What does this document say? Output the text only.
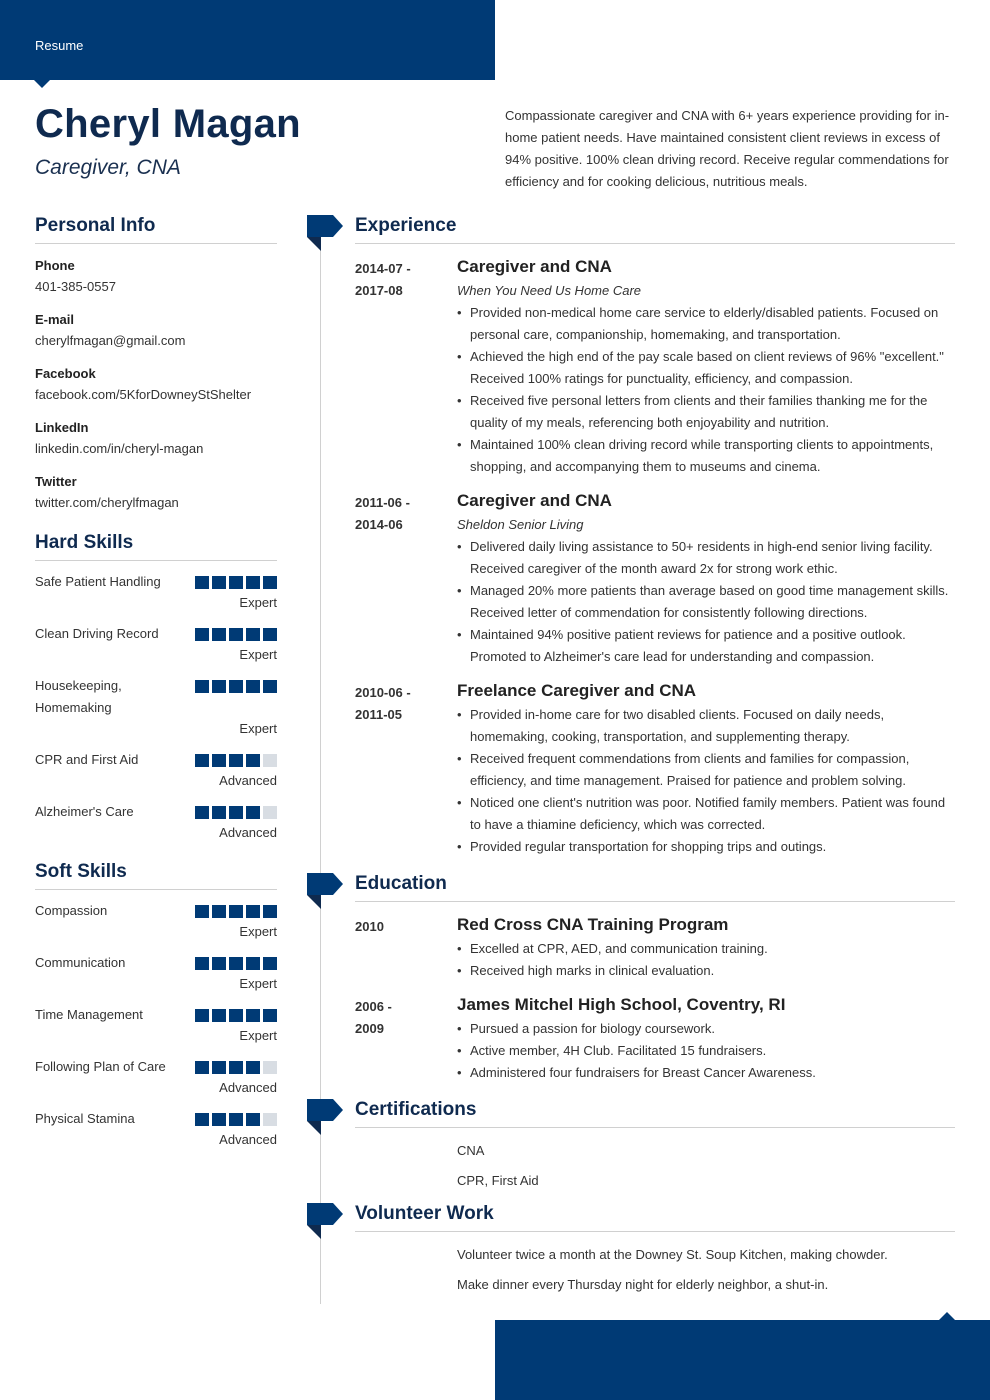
Resume
Cheryl Magan
Caregiver, CNA

Compassionate caregiver and CNA with 6+ years experience providing for in-home patient needs. Have maintained consistent client reviews in excess of 94% positive. 100% clean driving record. Receive regular commendations for efficiency and for cooking delicious, nutritious meals.

Personal Info
Phone
401-385-0557
E-mail
cherylfmagan@gmail.com
Facebook
facebook.com/5KforDowneyStShelter
LinkedIn
linkedin.com/in/cheryl-magan
Twitter
twitter.com/cherylfmagan
Hard Skills
Safe Patient Handling
Expert
Clean Driving Record
Expert
Housekeeping, Homemaking
Expert
CPR and First Aid
Advanced
Alzheimer's Care
Advanced
Soft Skills
Compassion
Expert
Communication
Expert
Time Management
Expert
Following Plan of Care
Advanced
Physical Stamina
Advanced
Experience
2014-07 -
2017-08
Caregiver and CNA
When You Need Us Home Care
• Provided non-medical home care service to elderly/disabled patients. Focused on personal care, companionship, homemaking, and transportation.
• Achieved the high end of the pay scale based on client reviews of 96% "excellent." Received 100% ratings for punctuality, efficiency, and compassion.
• Received five personal letters from clients and their families thanking me for the quality of my meals, referencing both enjoyability and nutrition.
• Maintained 100% clean driving record while transporting clients to appointments, shopping, and accompanying them to museums and cinema.
2011-06 -
2014-06
Caregiver and CNA
Sheldon Senior Living
• Delivered daily living assistance to 50+ residents in high-end senior living facility. Received caregiver of the month award 2x for strong work ethic.
• Managed 20% more patients than average based on good time management skills. Received letter of commendation for consistently following directions.
• Maintained 94% positive patient reviews for patience and a positive outlook. Promoted to Alzheimer's care lead for understanding and compassion.
2010-06 -
2011-05
Freelance Caregiver and CNA
• Provided in-home care for two disabled clients. Focused on daily needs, homemaking, cooking, transportation, and supplementing therapy.
• Received frequent commendations from clients and families for compassion, efficiency, and time management. Praised for patience and problem solving.
• Noticed one client's nutrition was poor. Notified family members. Patient was found to have a thiamine deficiency, which was corrected.
• Provided regular transportation for shopping trips and outings.
Education
2010	Red Cross CNA Training Program
• Excelled at CPR, AED, and communication training.
• Received high marks in clinical evaluation.
2006 -
2009
James Mitchel High School, Coventry, RI
• Pursued a passion for biology coursework.
• Active member, 4H Club. Facilitated 15 fundraisers.
• Administered four fundraisers for Breast Cancer Awareness.
Certifications
CNA
CPR, First Aid
Volunteer Work
Volunteer twice a month at the Downey St. Soup Kitchen, making chowder.
Make dinner every Thursday night for elderly neighbor, a shut-in.
